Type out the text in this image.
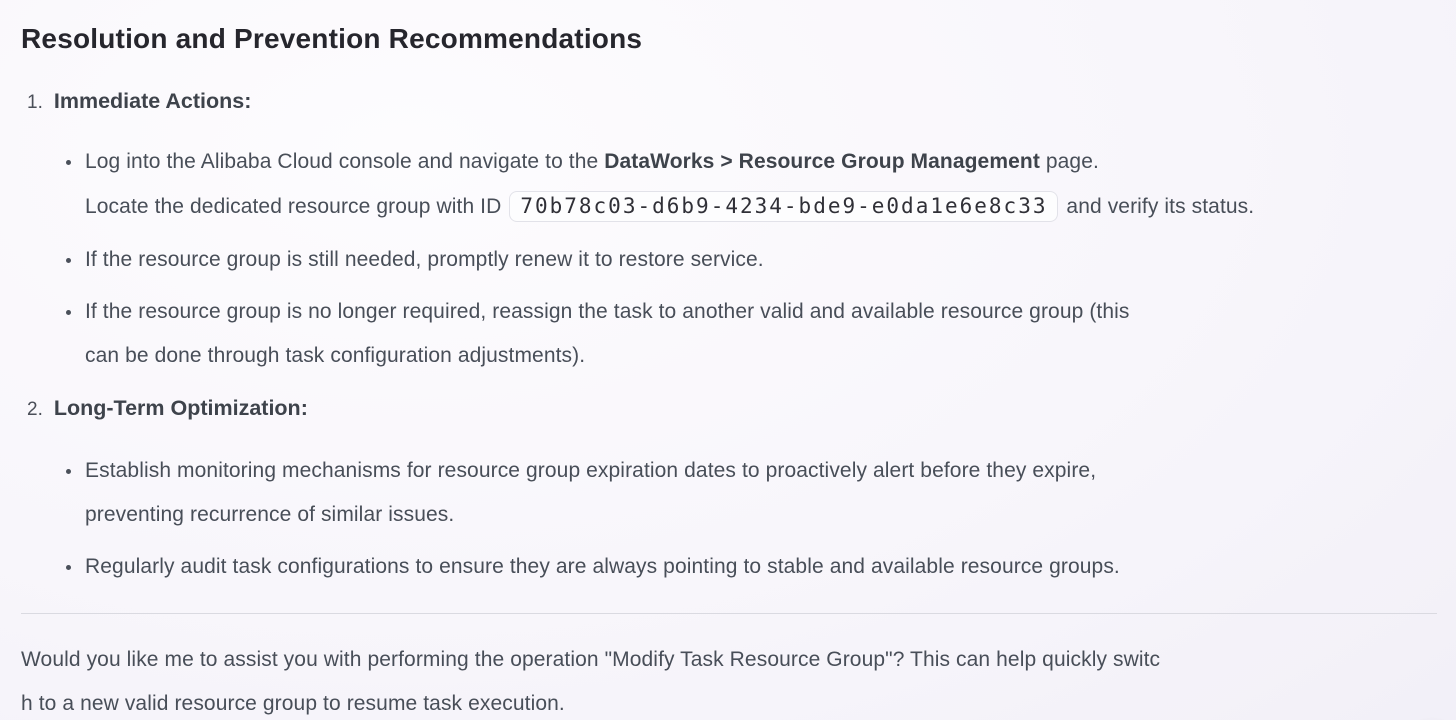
Resolution and Prevention Recommendations
1. Immediate Actions:
Log into the Alibaba Cloud console and navigate to the DataWorks > Resource Group Management page.
Locate the dedicated resource group with ID 70b78c03-d6b9-4234-bde9-e0da1e6e8c33 and verify its status.
If the resource group is still needed, promptly renew it to restore service.
If the resource group is no longer required, reassign the task to another valid and available resource group (this
can be done through task configuration adjustments).
2. Long-Term Optimization:
Establish monitoring mechanisms for resource group expiration dates to proactively alert before they expire,
preventing recurrence of similar issues.
Regularly audit task configurations to ensure they are always pointing to stable and available resource groups.
Would you like me to assist you with performing the operation "Modify Task Resource Group"? This can help quickly switc
h to a new valid resource group to resume task execution.
